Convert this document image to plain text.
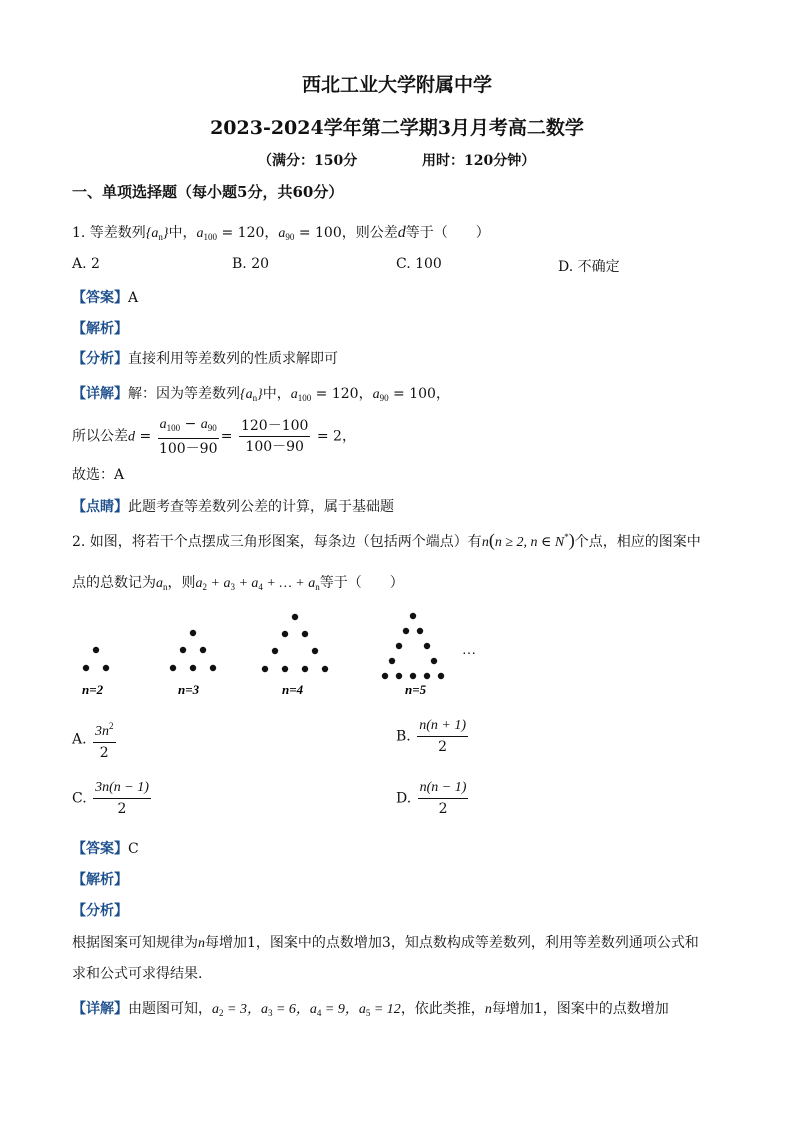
西北工业大学附属中学
2023-2024学年第二学期3月月考高二数学
（满分：150分	用时：120分钟）
一、单项选择题（每小题5分，共60分）
1. 等差数列$\{a_n\}$中，$a_{100} = 120$，$a_{90} = 100$，则公差d等于（　　）
A. 2	B. 20	C. 100	D. 不确定
【答案】A
【解析】
【分析】直接利用等差数列的性质求解即可
【详解】解：因为等差数列$\{a_n\}$中，$a_{100} = 120$，$a_{90} = 100$，
所以公差$d = \frac{a_{100} - a_{90}}{100-90} = \frac{120-100}{100-90} = 2$，
故选：A
【点睛】此题考查等差数列公差的计算，属于基础题
2. 如图，将若干个点摆成三角形图案，每条边（包括两个端点）有n(n ≥ 2, n ∈ N*)个点，相应的图案中
点的总数记为$a_n$，则$a_2 + a_3 + a_4$ + … + $a_n$等于（　　）
…
n=2	n=3	n=4	n=5
A. $\frac{3n^2}{2}$	B. $\frac{n(n + 1)}{2}$
C. $\frac{3n(n - 1)}{2}$	D. $\frac{n(n - 1)}{2}$
【答案】C
【解析】
【分析】
根据图案可知规律为n每增加1，图案中的点数增加3，知点数构成等差数列，利用等差数列通项公式和
求和公式可求得结果.
【详解】由题图可知，$a_2 = 3$，$a_3 = 6$，$a_4 = 9$，$a_5 = 12$，依此类推，n每增加1，图案中的点数增加
